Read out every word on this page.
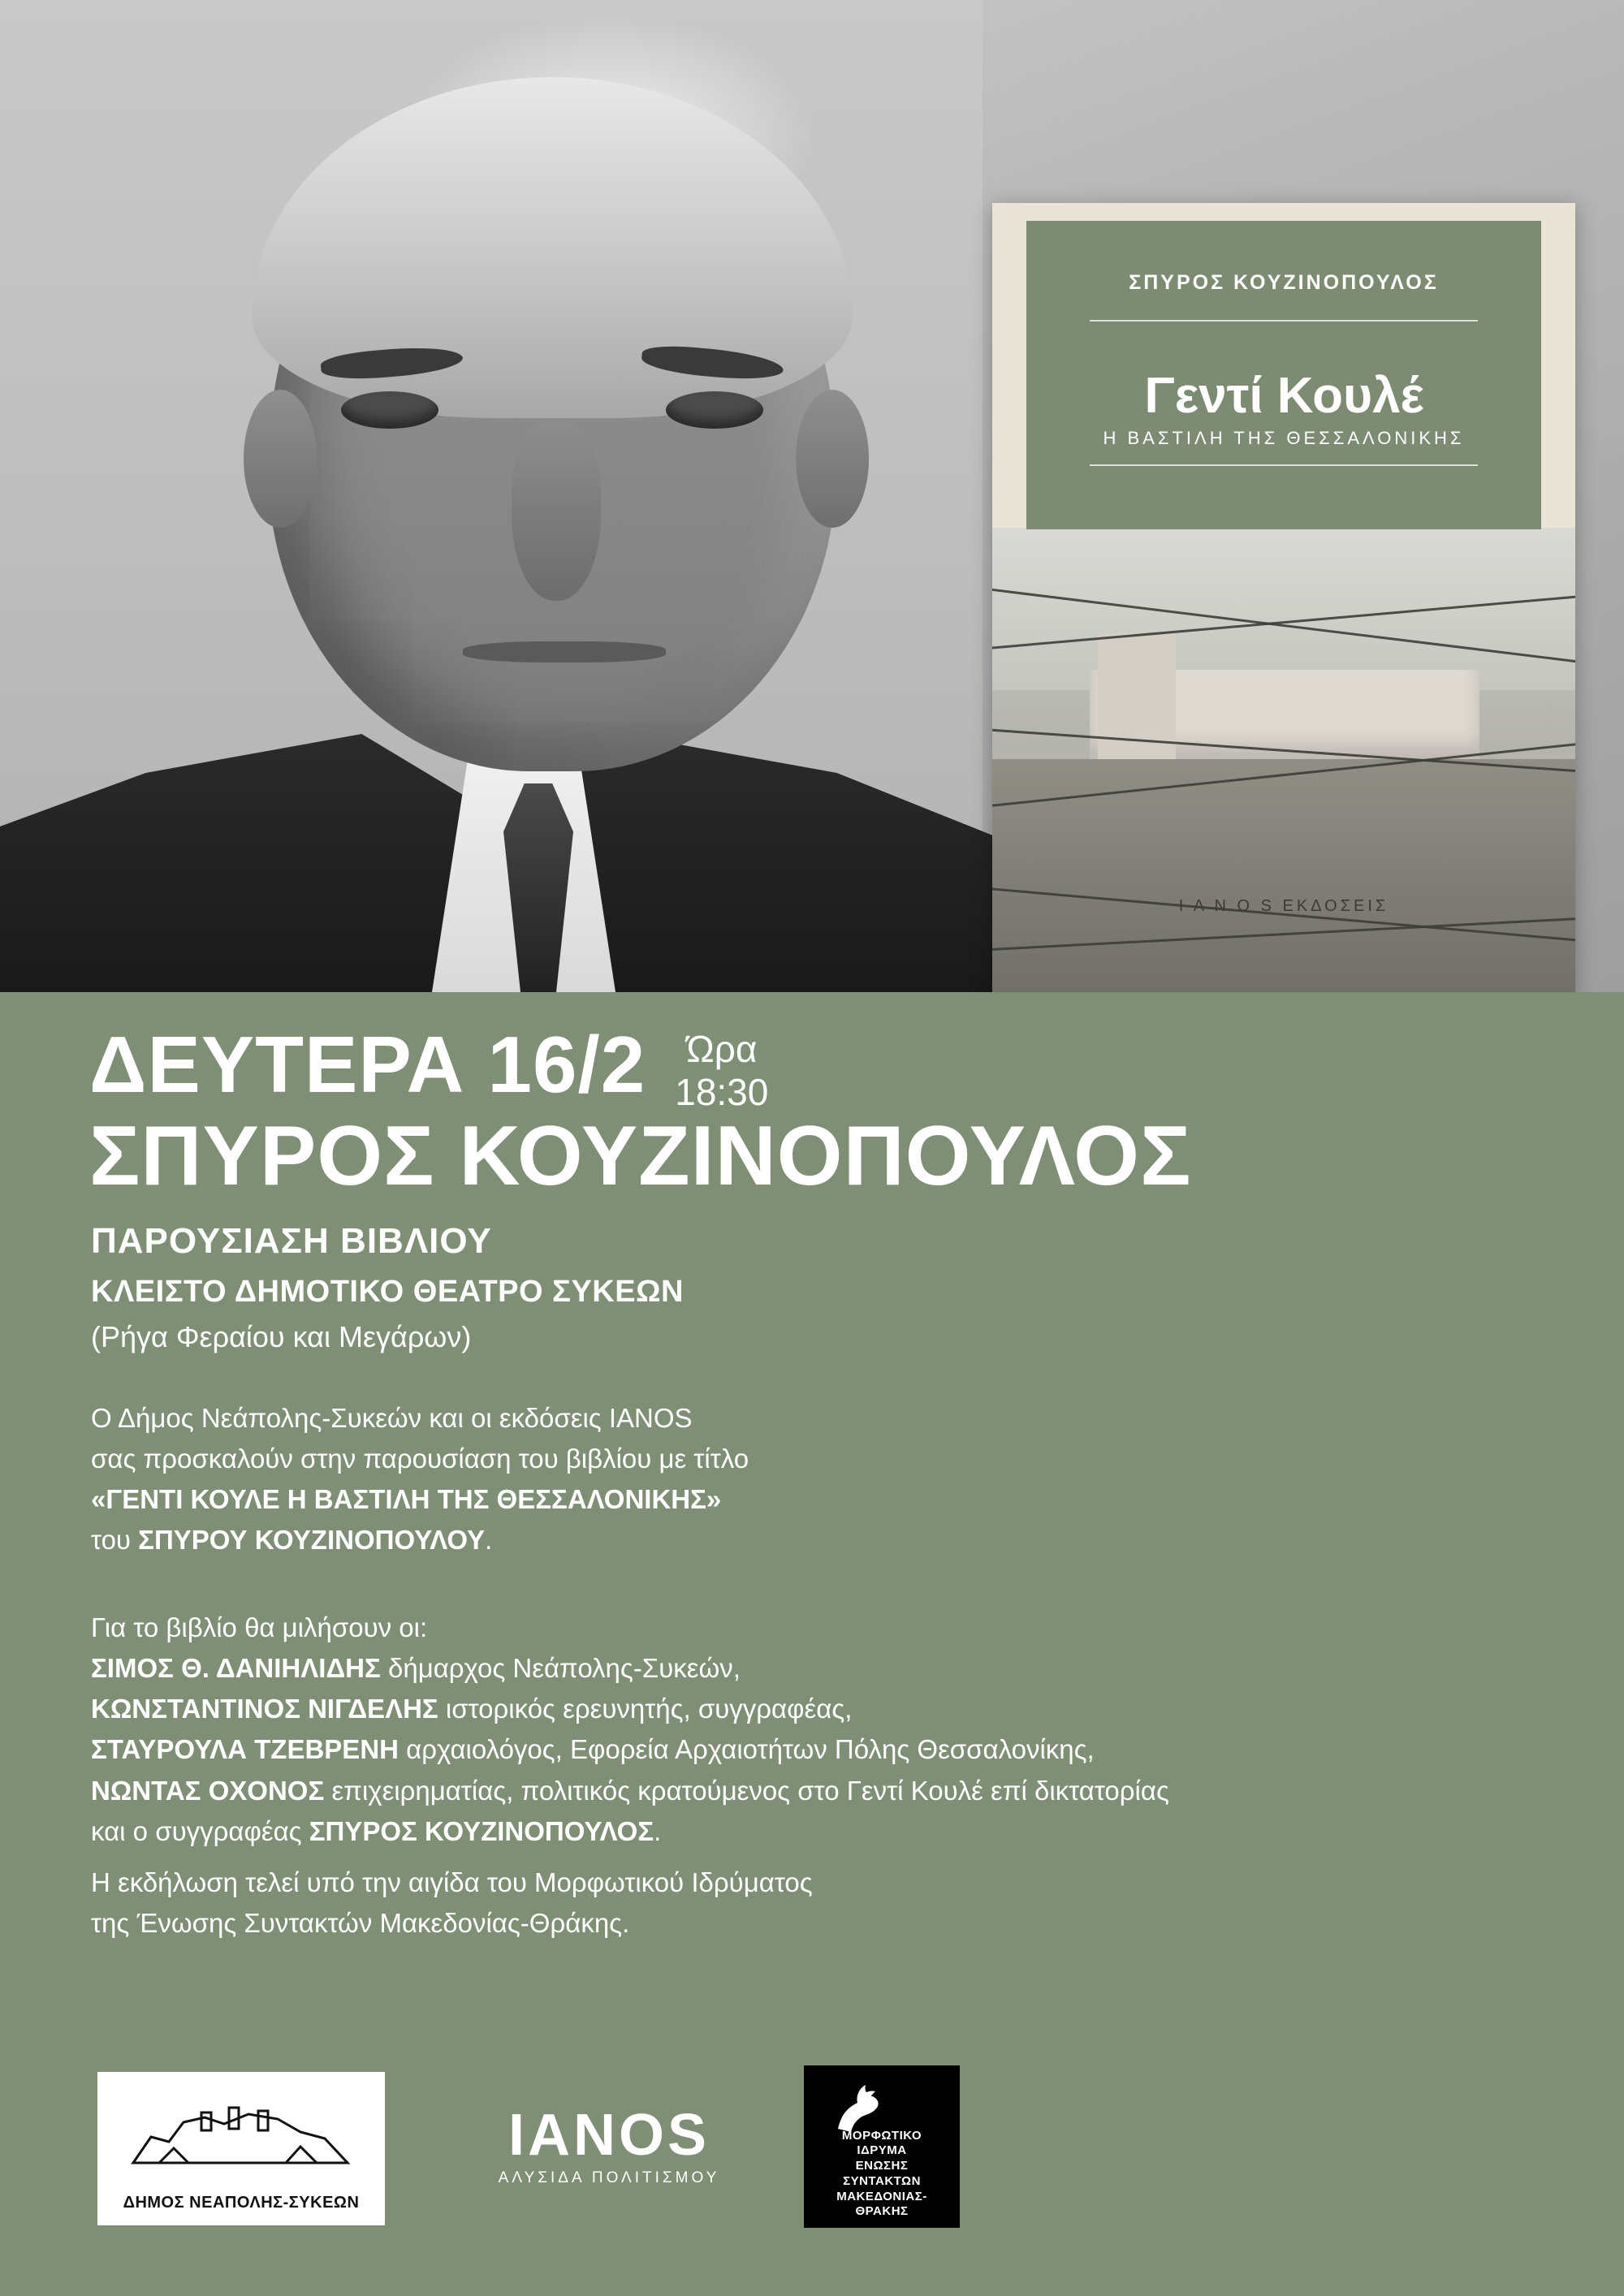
ΣΠΥΡΟΣ ΚΟΥΖΙΝΟΠΟΥΛΟΣ
Γεντί Κουλέ
Η ΒΑΣΤΙΛΗ ΤΗΣ ΘΕΣΣΑΛΟΝΙΚΗΣ
I A N O S ΕΚΔΟΣΕΙΣ
ΔΕΥΤΕΡΑ 16/2	Ώρα
18:30
ΣΠΥΡΟΣ ΚΟΥΖΙΝΟΠΟΥΛΟΣ
ΠΑΡΟΥΣΙΑΣΗ ΒΙΒΛΙΟΥ
ΚΛΕΙΣΤΟ ΔΗΜΟΤΙΚΟ ΘΕΑΤΡΟ ΣΥΚΕΩΝ
(Ρήγα Φεραίου και Μεγάρων)
Ο Δήμος Νεάπολης-Συκεών και οι εκδόσεις IANOS
σας προσκαλούν στην παρουσίαση του βιβλίου με τίτλο
«ΓΕΝΤΙ ΚΟΥΛΕ Η ΒΑΣΤΙΛΗ ΤΗΣ ΘΕΣΣΑΛΟΝΙΚΗΣ»
του ΣΠΥΡΟΥ ΚΟΥΖΙΝΟΠΟΥΛΟΥ.
Για το βιβλίο θα μιλήσουν οι:
ΣΙΜΟΣ Θ. ΔΑΝΙΗΛΙΔΗΣ δήμαρχος Νεάπολης-Συκεών,
ΚΩΝΣΤΑΝΤΙΝΟΣ ΝΙΓΔΕΛΗΣ ιστορικός ερευνητής, συγγραφέας,
ΣΤΑΥΡΟΥΛΑ ΤΖΕΒΡΕΝΗ αρχαιολόγος, Εφορεία Αρχαιοτήτων Πόλης Θεσσαλονίκης,
ΝΩΝΤΑΣ ΟΧΟΝΟΣ επιχειρηματίας, πολιτικός κρατούμενος στο Γεντί Κουλέ επί δικτατορίας
και ο συγγραφέας ΣΠΥΡΟΣ ΚΟΥΖΙΝΟΠΟΥΛΟΣ.
Η εκδήλωση τελεί υπό την αιγίδα του Μορφωτικού Ιδρύματος
της Ένωσης Συντακτών Μακεδονίας-Θράκης.
ΔΗΜΟΣ ΝΕΑΠΟΛΗΣ-ΣΥΚΕΩΝ
IANOS
ΑΛΥΣΙΔΑ ΠΟΛΙΤΙΣΜΟΥ
ΜΟΡΦΩΤΙΚΟ
ΙΔΡΥΜΑ
ΕΝΩΣΗΣ
ΣΥΝΤΑΚΤΩΝ
ΜΑΚΕΔΟΝΙΑΣ-
ΘΡΑΚΗΣ
